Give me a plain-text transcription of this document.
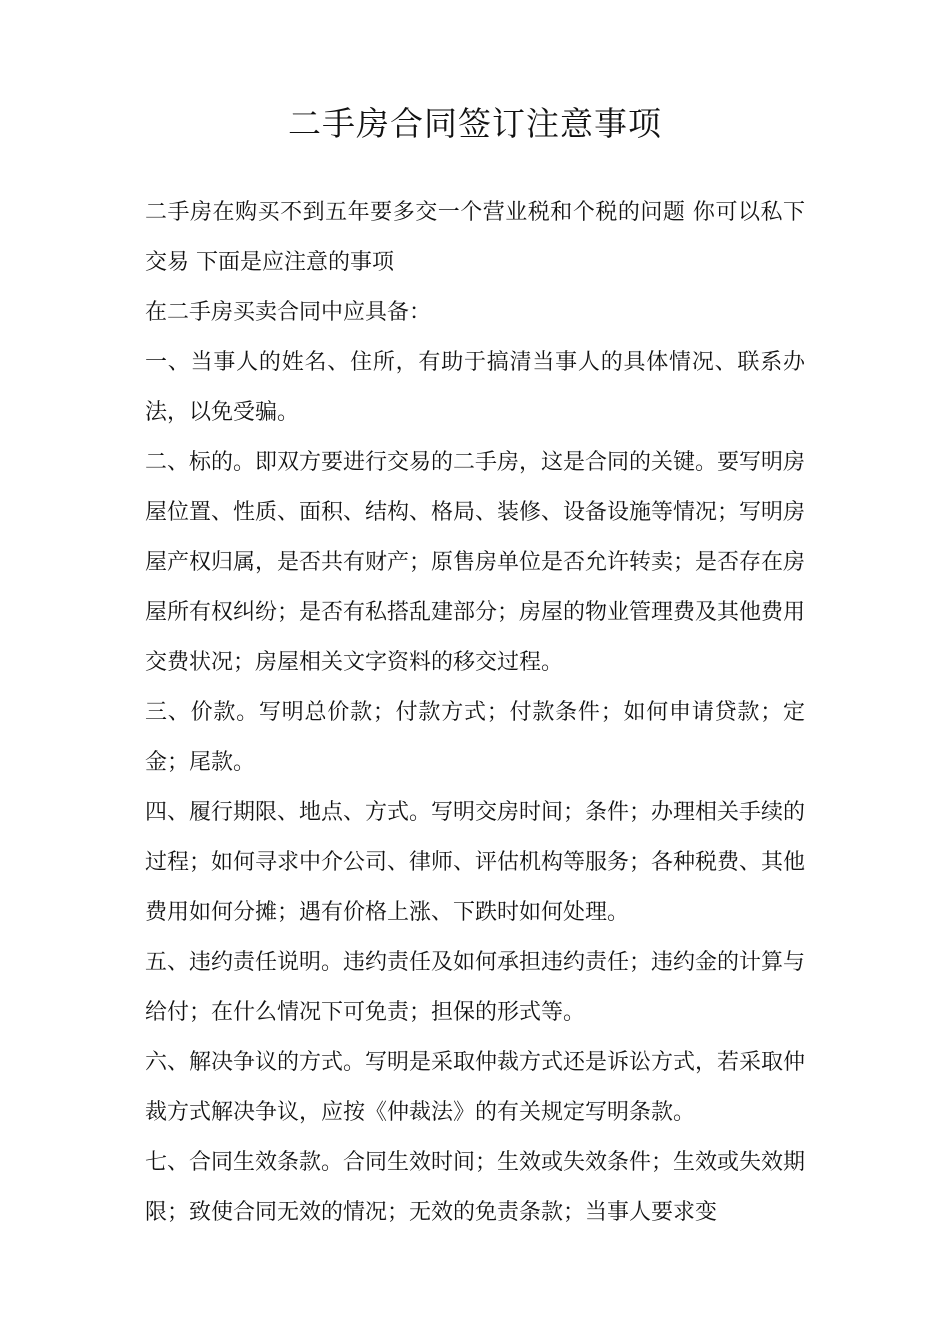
二手房合同签订注意事项

二手房在购买不到五年要多交一个营业税和个税的问题 你可以私下交易 下面是应注意的事项

在二手房买卖合同中应具备：

一、当事人的姓名、住所，有助于搞清当事人的具体情况、联系办法，以免受骗。

二、标的。即双方要进行交易的二手房，这是合同的关键。要写明房屋位置、性质、面积、结构、格局、装修、设备设施等情况；写明房屋产权归属，是否共有财产；原售房单位是否允许转卖；是否存在房屋所有权纠纷；是否有私搭乱建部分；房屋的物业管理费及其他费用交费状况；房屋相关文字资料的移交过程。

三、价款。写明总价款；付款方式；付款条件；如何申请贷款；定金；尾款。

四、履行期限、地点、方式。写明交房时间；条件；办理相关手续的过程；如何寻求中介公司、律师、评估机构等服务；各种税费、其他费用如何分摊；遇有价格上涨、下跌时如何处理。

五、违约责任说明。违约责任及如何承担违约责任；违约金的计算与给付；在什么情况下可免责；担保的形式等。

六、解决争议的方式。写明是采取仲裁方式还是诉讼方式，若采取仲裁方式解决争议，应按《仲裁法》的有关规定写明条款。

七、合同生效条款。合同生效时间；生效或失效条件；生效或失效期限；致使合同无效的情况；无效的免责条款；当事人要求变
